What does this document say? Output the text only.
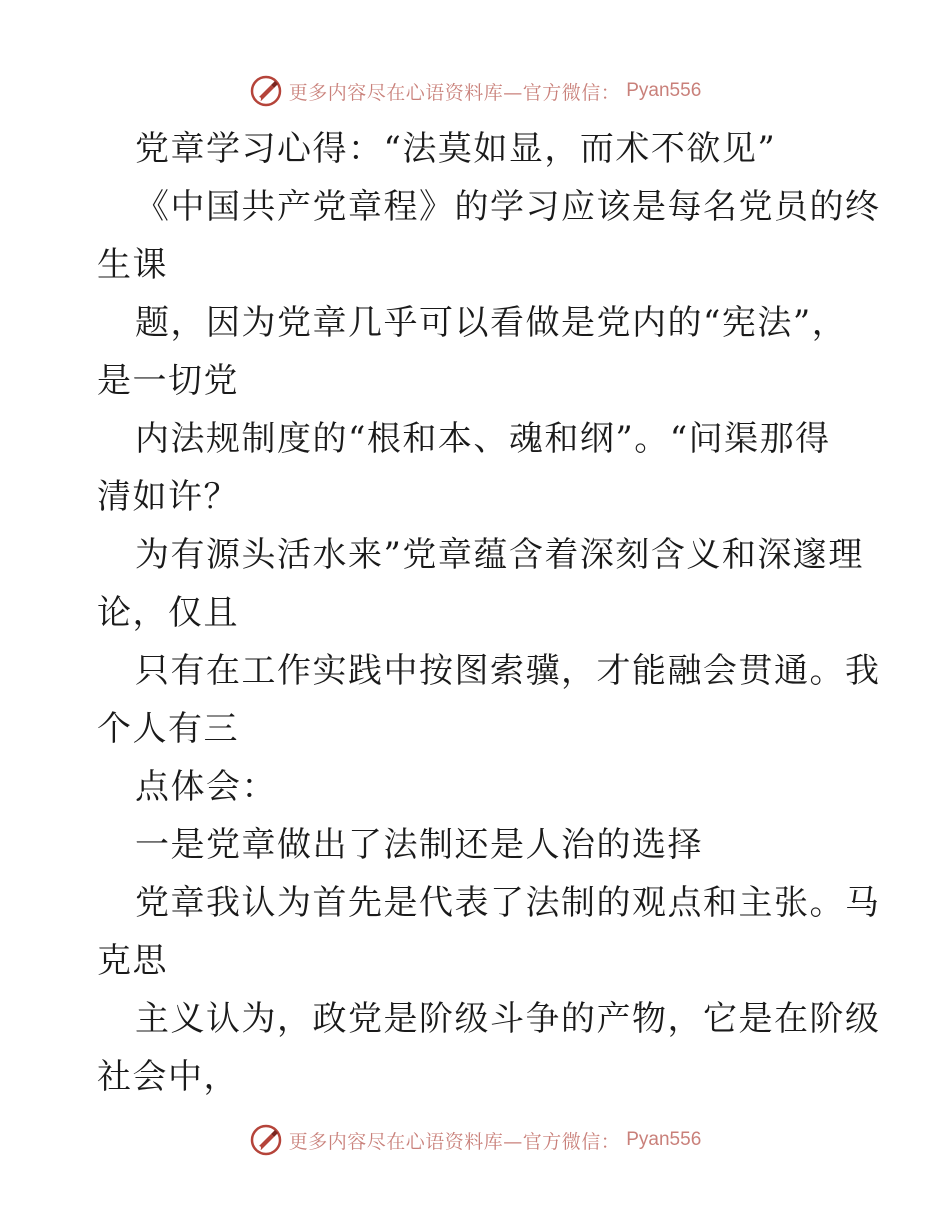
更多内容尽在心语资料库—官方微信： Pyan556
党章学习心得：“法莫如显，而术不欲见”
《中国共产党章程》的学习应该是每名党员的终
生课
题，因为党章几乎可以看做是党内的“宪法”，
是一切党
内法规制度的“根和本、魂和纲”。“问渠那得
清如许？
为有源头活水来”党章蕴含着深刻含义和深邃理
论，仅且
只有在工作实践中按图索骥，才能融会贯通。我
个人有三
点体会：
一是党章做出了法制还是人治的选择
党章我认为首先是代表了法制的观点和主张。马
克思
主义认为，政党是阶级斗争的产物，它是在阶级
社会中，
更多内容尽在心语资料库—官方微信： Pyan556
